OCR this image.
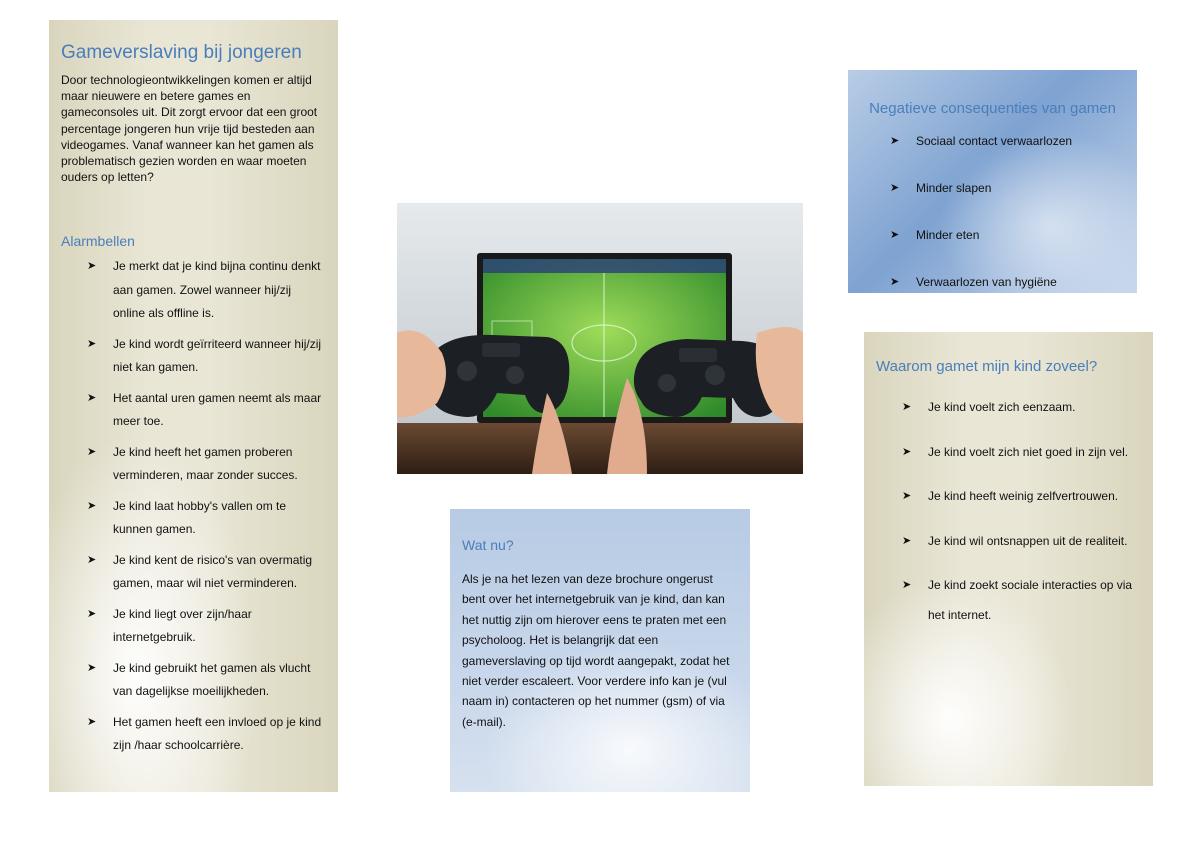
Gameverslaving bij jongeren

Door technologieontwikkelingen komen er altijd maar nieuwere en betere games en gameconsoles uit. Dit zorgt ervoor dat een groot percentage jongeren hun vrije tijd besteden aan videogames. Vanaf wanneer kan het gamen als problematisch gezien worden en waar moeten ouders op letten?

Alarmbellen
➤ Je merkt dat je kind bijna continu denkt aan gamen. Zowel wanneer hij/zij online als offline is.
➤ Je kind wordt geïrriteerd wanneer hij/zij niet kan gamen.
➤ Het aantal uren gamen neemt als maar meer toe.
➤ Je kind heeft het gamen proberen verminderen, maar zonder succes.
➤ Je kind laat hobby's vallen om te kunnen gamen.
➤ Je kind kent de risico's van overmatig gamen, maar wil niet verminderen.
➤ Je kind liegt over zijn/haar internetgebruik.
➤ Je kind gebruikt het gamen als vlucht van dagelijkse moeilijkheden.
➤ Het gamen heeft een invloed op je kind zijn /haar schoolcarrière.
Wat nu?

Als je na het lezen van deze brochure ongerust bent over het internetgebruik van je kind, dan kan het nuttig zijn om hierover eens te praten met een psycholoog. Het is belangrijk dat een gameverslaving op tijd wordt aangepakt, zodat het niet verder escaleert. Voor verdere info kan je (vul naam in) contacteren op het nummer (gsm) of via (e-mail).

Negatieve consequenties van gamen
➤ Sociaal contact verwaarlozen
➤ Minder slapen
➤ Minder eten
➤ Verwaarlozen van hygiëne
Waarom gamet mijn kind zoveel?
➤ Je kind voelt zich eenzaam.
➤ Je kind voelt zich niet goed in zijn vel.
➤ Je kind heeft weinig zelfvertrouwen.
➤ Je kind wil ontsnappen uit de realiteit.
➤ Je kind zoekt sociale interacties op via het internet.
